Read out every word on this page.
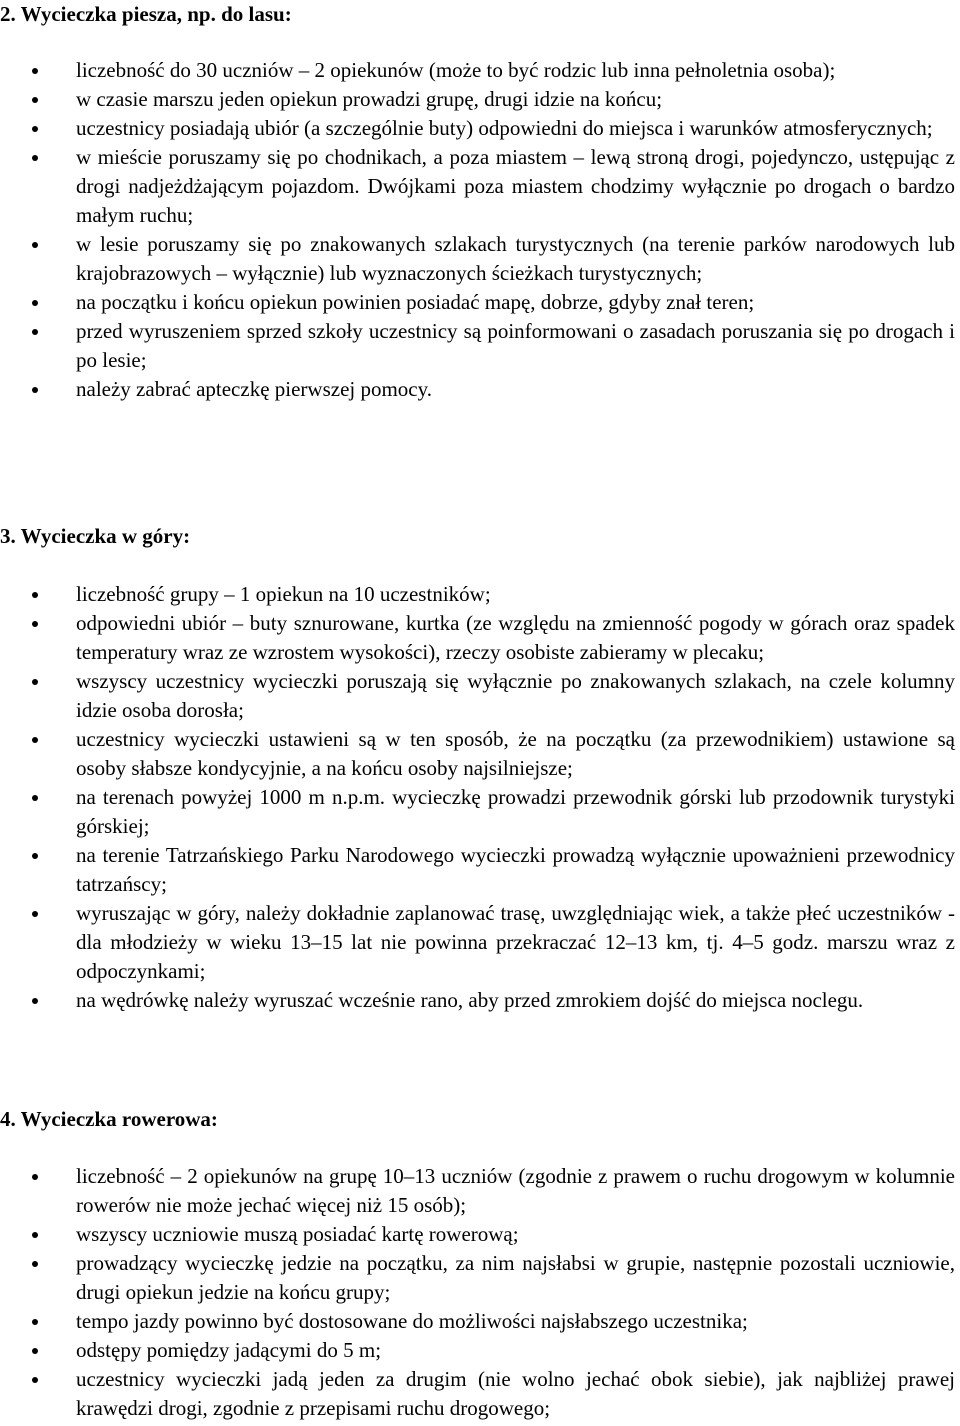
2. Wycieczka piesza, np. do lasu:
liczebność do 30 uczniów – 2 opiekunów (może to być rodzic lub inna pełnoletnia osoba);
w czasie marszu jeden opiekun prowadzi grupę, drugi idzie na końcu;
uczestnicy posiadają ubiór (a szczególnie buty) odpowiedni do miejsca i warunków atmosferycznych;
w mieście poruszamy się po chodnikach, a poza miastem – lewą stroną drogi, pojedynczo, ustępując z drogi nadjeżdżającym pojazdom. Dwójkami poza miastem chodzimy wyłącznie po drogach o bardzo małym ruchu;
w lesie poruszamy się po znakowanych szlakach turystycznych (na terenie parków narodowych lub krajobrazowych – wyłącznie) lub wyznaczonych ścieżkach turystycznych;
na początku i końcu opiekun powinien posiadać mapę, dobrze, gdyby znał teren;
przed wyruszeniem sprzed szkoły uczestnicy są poinformowani o zasadach poruszania się po drogach i po lesie;
należy zabrać apteczkę pierwszej pomocy.
3. Wycieczka w góry:
liczebność grupy – 1 opiekun na 10 uczestników;
odpowiedni ubiór – buty sznurowane, kurtka (ze względu na zmienność pogody w górach oraz spadek temperatury wraz ze wzrostem wysokości), rzeczy osobiste zabieramy w plecaku;
wszyscy uczestnicy wycieczki poruszają się wyłącznie po znakowanych szlakach, na czele kolumny idzie osoba dorosła;
uczestnicy wycieczki ustawieni są w ten sposób, że na początku (za przewodnikiem) ustawione są osoby słabsze kondycyjnie, a na końcu osoby najsilniejsze;
na terenach powyżej 1000 m n.p.m. wycieczkę prowadzi przewodnik górski lub przodownik turystyki górskiej;
na terenie Tatrzańskiego Parku Narodowego wycieczki prowadzą wyłącznie upoważnieni przewodnicy tatrzańscy;
wyruszając w góry, należy dokładnie zaplanować trasę, uwzględniając wiek, a także płeć uczestników - dla młodzieży w wieku 13–15 lat nie powinna przekraczać 12–13 km, tj. 4–5 godz. marszu wraz z odpoczynkami;
na wędrówkę należy wyruszać wcześnie rano, aby przed zmrokiem dojść do miejsca noclegu.
4. Wycieczka rowerowa:
liczebność – 2 opiekunów na grupę 10–13 uczniów (zgodnie z prawem o ruchu drogowym w kolumnie rowerów nie może jechać więcej niż 15 osób);
wszyscy uczniowie muszą posiadać kartę rowerową;
prowadzący wycieczkę jedzie na początku, za nim najsłabsi w grupie, następnie pozostali uczniowie, drugi opiekun jedzie na końcu grupy;
tempo jazdy powinno być dostosowane do możliwości najsłabszego uczestnika;
odstępy pomiędzy jadącymi do 5 m;
uczestnicy wycieczki jadą jeden za drugim (nie wolno jechać obok siebie), jak najbliżej prawej krawędzi drogi, zgodnie z przepisami ruchu drogowego;
